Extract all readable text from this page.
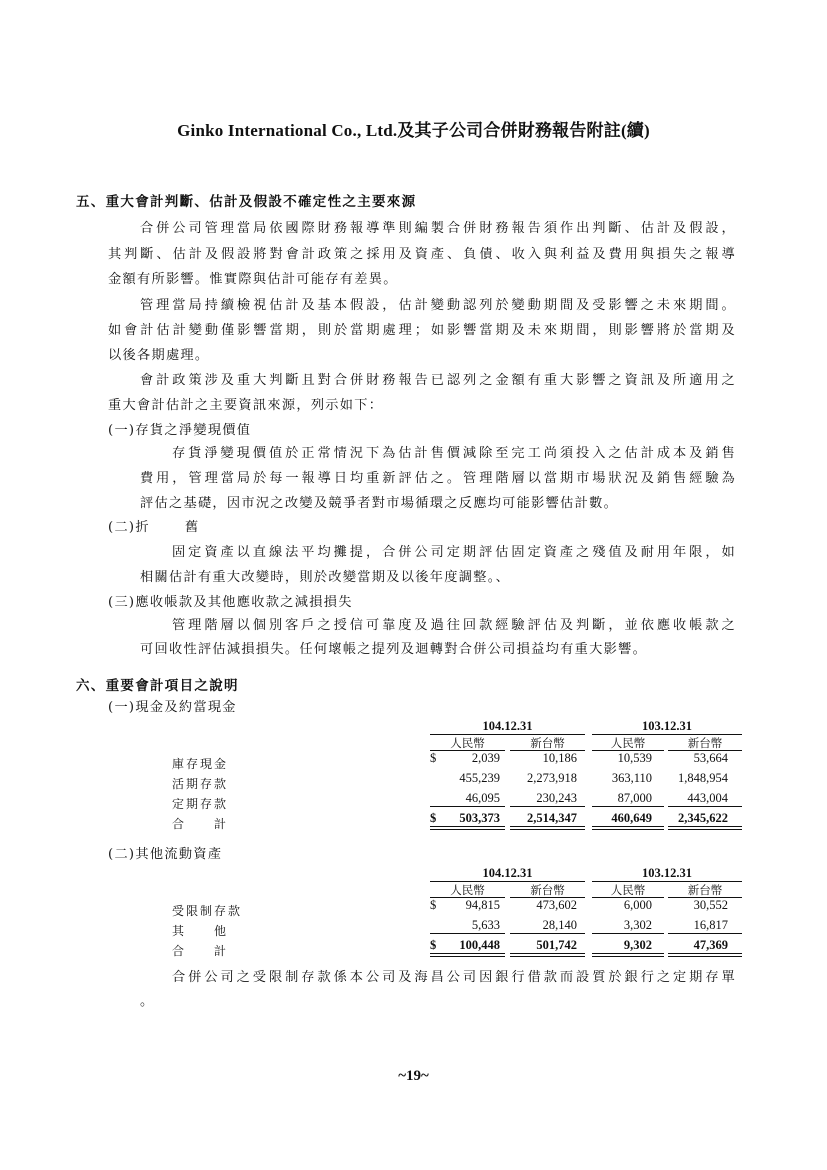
Ginko International Co., Ltd.及其子公司合併財務報告附註(續)
五、重大會計判斷、估計及假設不確定性之主要來源
合併公司管理當局依國際財務報導準則編製合併財務報告須作出判斷、估計及假設，
其判斷、估計及假設將對會計政策之採用及資產、負債、收入與利益及費用與損失之報導
金額有所影響。惟實際與估計可能存有差異。
管理當局持續檢視估計及基本假設，估計變動認列於變動期間及受影響之未來期間。
如會計估計變動僅影響當期，則於當期處理；如影響當期及未來期間，則影響將於當期及
以後各期處理。
會計政策涉及重大判斷且對合併財務報告已認列之金額有重大影響之資訊及所適用之
重大會計估計之主要資訊來源，列示如下：
(一)存貨之淨變現價值
存貨淨變現價值於正常情況下為估計售價減除至完工尚須投入之估計成本及銷售
費用，管理當局於每一報導日均重新評估之。管理階層以當期市場狀況及銷售經驗為
評估之基礎，因市況之改變及競爭者對市場循環之反應均可能影響估計數。
(二)折	舊
固定資產以直線法平均攤提，合併公司定期評估固定資產之殘值及耐用年限，如
相關估計有重大改變時，則於改變當期及以後年度調整。、
(三)應收帳款及其他應收款之減損損失
管理階層以個別客戶之授信可靠度及過往回款經驗評估及判斷，並依應收帳款之
可回收性評估減損損失。任何壞帳之提列及迴轉對合併公司損益均有重大影響。
六、重要會計項目之說明
(一)現金及約當現金
104.12.31	103.12.31
人民幣	新台幣	人民幣	新台幣
庫存現金	$	2,039	10,186	10,539	53,664
活期存款	455,239	2,273,918	363,110	1,848,954
定期存款	46,095	230,243	87,000	443,004
合　　計	$	503,373	2,514,347	460,649	2,345,622
(二)其他流動資產
104.12.31	103.12.31
人民幣	新台幣	人民幣	新台幣
受限制存款	$	94,815	473,602	6,000	30,552
其　　他	5,633	28,140	3,302	16,817
合　　計	$	100,448	501,742	9,302	47,369
合併公司之受限制存款係本公司及海昌公司因銀行借款而設質於銀行之定期存單
。
~19~
